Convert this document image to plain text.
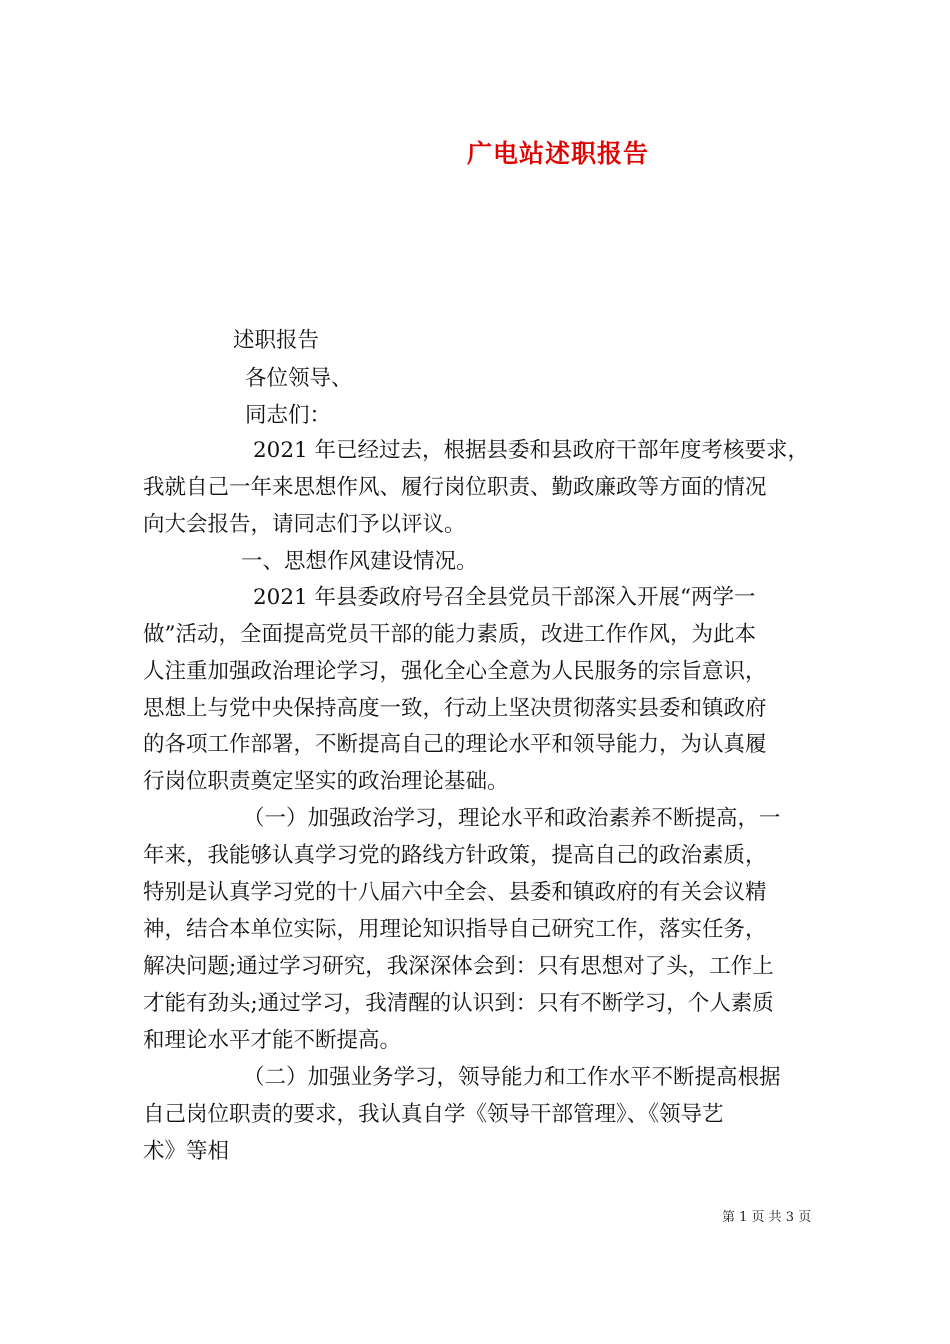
广电站述职报告
述职报告
各位领导、
同志们：
2021 年已经过去，根据县委和县政府干部年度考核要求，
我就自己一年来思想作风、履行岗位职责、勤政廉政等方面的情况
向大会报告，请同志们予以评议。
一、思想作风建设情况。
2021 年县委政府号召全县党员干部深入开展“两学一
做”活动，全面提高党员干部的能力素质，改进工作作风，为此本
人注重加强政治理论学习，强化全心全意为人民服务的宗旨意识，
思想上与党中央保持高度一致，行动上坚决贯彻落实县委和镇政府
的各项工作部署，不断提高自己的理论水平和领导能力，为认真履
行岗位职责奠定坚实的政治理论基础。
（一）加强政治学习，理论水平和政治素养不断提高，一
年来，我能够认真学习党的路线方针政策，提高自己的政治素质，
特别是认真学习党的十八届六中全会、县委和镇政府的有关会议精
神，结合本单位实际，用理论知识指导自己研究工作，落实任务，
解决问题;通过学习研究，我深深体会到：只有思想对了头，工作上
才能有劲头;通过学习，我清醒的认识到：只有不断学习，个人素质
和理论水平才能不断提高。
（二）加强业务学习，领导能力和工作水平不断提高根据
自己岗位职责的要求，我认真自学《领导干部管理》、《领导艺
术》等相
第 1 页 共 3 页
